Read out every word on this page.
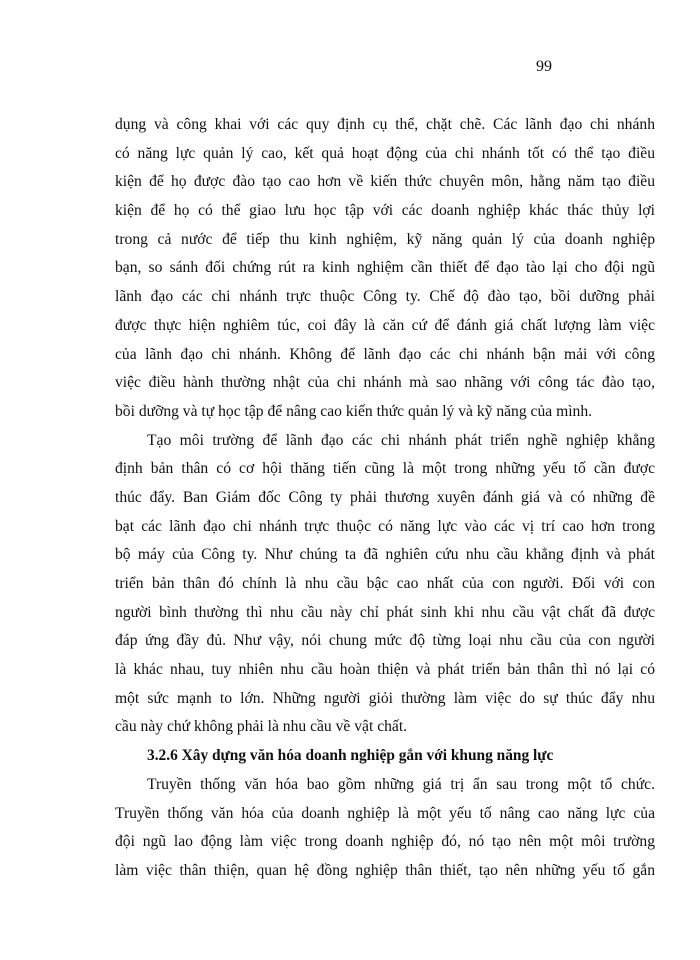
99
dụng và công khai với các quy định cụ thể, chặt chẽ. Các lãnh đạo chi nhánh
có năng lực quản lý cao, kết quả hoạt động của chi nhánh tốt có thể tạo điều
kiện để họ được đào tạo cao hơn về kiến thức chuyên môn, hằng năm tạo điều
kiện để họ có thể giao lưu học tập với các doanh nghiệp khác thác thủy lợi
trong cả nước để tiếp thu kinh nghiệm, kỹ năng quản lý của doanh nghiệp
bạn, so sánh đối chứng rút ra kinh nghiệm cần thiết để đạo tào lại cho đội ngũ
lãnh đạo các chi nhánh trực thuộc Công ty. Chế độ đào tạo, bồi dưỡng phải
được thực hiện nghiêm túc, coi đây là căn cứ để đánh giá chất lượng làm việc
của lãnh đạo chi nhánh. Không để lãnh đạo các chi nhánh bận mải với công
việc điều hành thường nhật của chi nhánh mà sao nhãng với công tác đào tạo,
bồi dưỡng và tự học tập để nâng cao kiến thức quản lý và kỹ năng của mình.
Tạo môi trường để lãnh đạo các chi nhánh phát triển nghề nghiệp khẳng
định bản thân có cơ hội thăng tiến cũng là một trong những yếu tố cần được
thúc đẩy. Ban Giám đốc Công ty phải thương xuyên đánh giá và có những đề
bạt các lãnh đạo chi nhánh trực thuộc có năng lực vào các vị trí cao hơn trong
bộ máy của Công ty. Như chúng ta đã nghiên cứu nhu cầu khẳng định và phát
triển bản thân đó chính là nhu cầu bậc cao nhất của con người. Đối với con
người bình thường thì nhu cầu này chỉ phát sinh khi nhu cầu vật chất đã được
đáp ứng đầy đủ. Như vậy, nói chung mức độ từng loại nhu cầu của con người
là khác nhau, tuy nhiên nhu cầu hoàn thiện và phát triển bản thân thì nó lại có
một sức mạnh to lớn. Những người giỏi thường làm việc do sự thúc đẩy nhu
cầu này chứ không phải là nhu cầu về vật chất.
3.2.6 Xây dựng văn hóa doanh nghiệp gắn với khung năng lực
Truyền thống văn hóa bao gồm những giá trị ẩn sau trong một tổ chức.
Truyền thống văn hóa của doanh nghiệp là một yếu tố nâng cao năng lực của
đội ngũ lao động làm việc trong doanh nghiệp đó, nó tạo nên một môi trường
làm việc thân thiện, quan hệ đồng nghiệp thân thiết, tạo nên những yếu tố gắn
